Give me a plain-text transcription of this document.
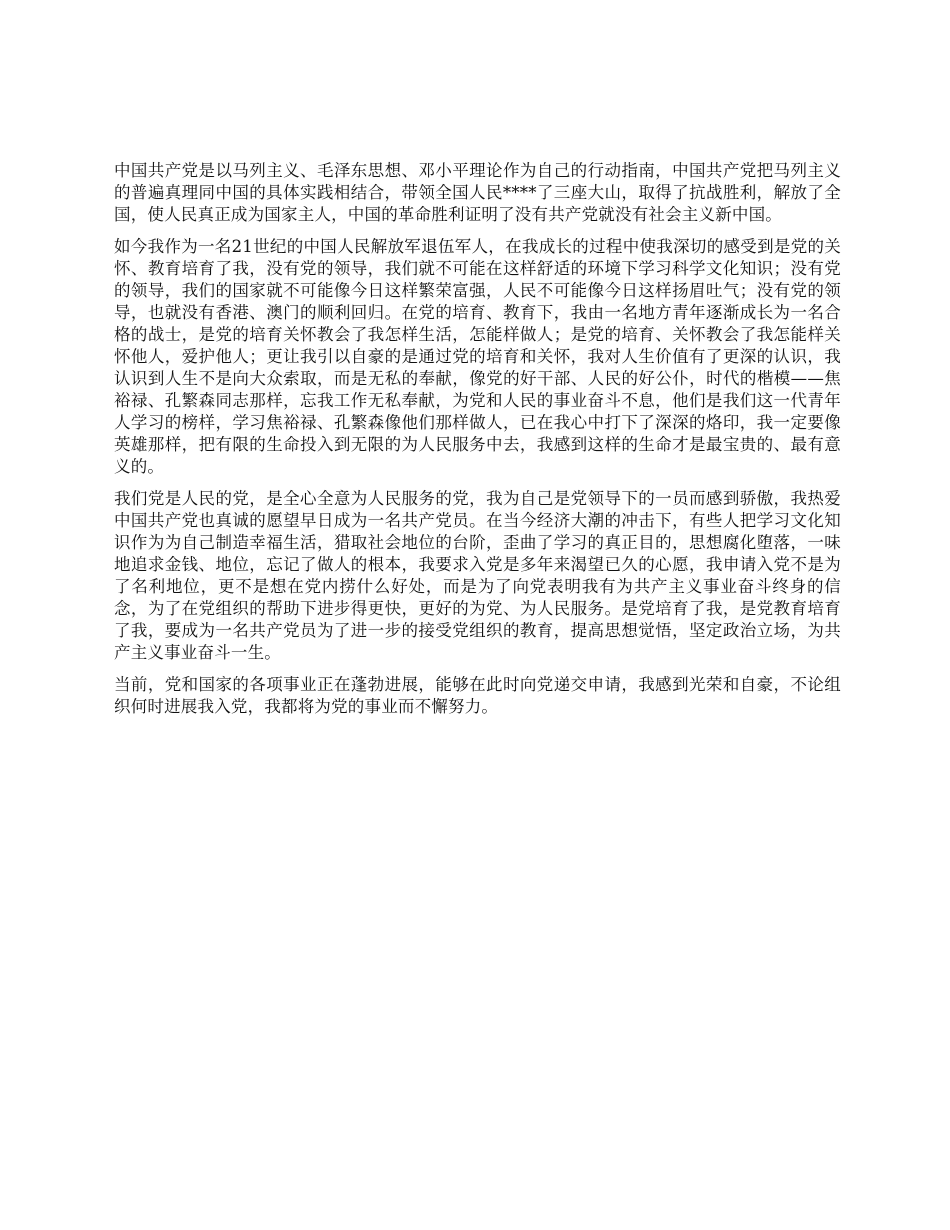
中国共产党是以马列主义、毛泽东思想、邓小平理论作为自己的行动指南，中国共产党把马列主义的普遍真理同中国的具体实践相结合，带领全国人民****了三座大山，取得了抗战胜利，解放了全国，使人民真正成为国家主人，中国的革命胜利证明了没有共产党就没有社会主义新中国。

如今我作为一名21世纪的中国人民解放军退伍军人，在我成长的过程中使我深切的感受到是党的关怀、教育培育了我，没有党的领导，我们就不可能在这样舒适的环境下学习科学文化知识；没有党的领导，我们的国家就不可能像今日这样繁荣富强，人民不可能像今日这样扬眉吐气；没有党的领导，也就没有香港、澳门的顺利回归。在党的培育、教育下，我由一名地方青年逐渐成长为一名合格的战士，是党的培育关怀教会了我怎样生活，怎能样做人；是党的培育、关怀教会了我怎能样关怀他人，爱护他人；更让我引以自豪的是通过党的培育和关怀，我对人生价值有了更深的认识，我认识到人生不是向大众索取，而是无私的奉献，像党的好干部、人民的好公仆，时代的楷模——焦裕禄、孔繁森同志那样，忘我工作无私奉献，为党和人民的事业奋斗不息，他们是我们这一代青年人学习的榜样，学习焦裕禄、孔繁森像他们那样做人，已在我心中打下了深深的烙印，我一定要像英雄那样，把有限的生命投入到无限的为人民服务中去，我感到这样的生命才是最宝贵的、最有意义的。

我们党是人民的党，是全心全意为人民服务的党，我为自己是党领导下的一员而感到骄傲，我热爱中国共产党也真诚的愿望早日成为一名共产党员。在当今经济大潮的冲击下，有些人把学习文化知识作为为自己制造幸福生活，猎取社会地位的台阶，歪曲了学习的真正目的，思想腐化堕落，一味地追求金钱、地位，忘记了做人的根本，我要求入党是多年来渴望已久的心愿，我申请入党不是为了名利地位，更不是想在党内捞什么好处，而是为了向党表明我有为共产主义事业奋斗终身的信念，为了在党组织的帮助下进步得更快，更好的为党、为人民服务。是党培育了我，是党教育培育了我，要成为一名共产党员为了进一步的接受党组织的教育，提高思想觉悟，坚定政治立场，为共产主义事业奋斗一生。

当前，党和国家的各项事业正在蓬勃进展，能够在此时向党递交申请，我感到光荣和自豪，不论组织何时进展我入党，我都将为党的事业而不懈努力。
